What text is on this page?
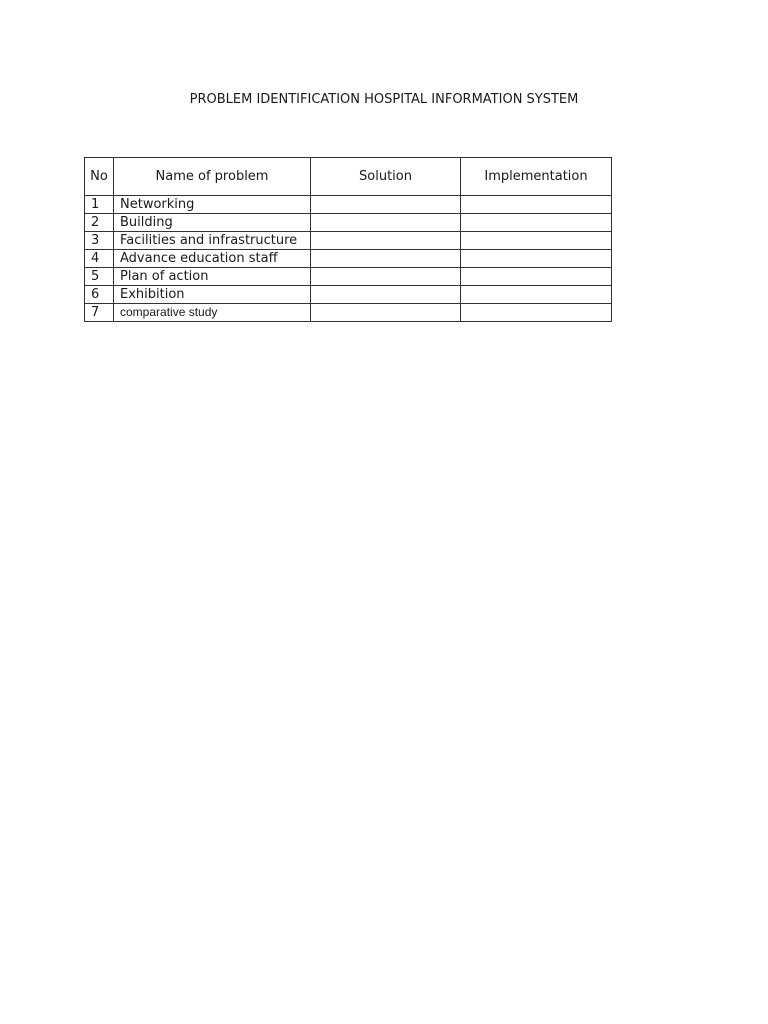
PROBLEM IDENTIFICATION HOSPITAL INFORMATION SYSTEM
No	Name of problem	Solution	Implementation
1	Networking		
2	Building		
3	Facilities and infrastructure		
4	Advance education staff		
5	Plan of action		
6	Exhibition		
7	comparative study		
